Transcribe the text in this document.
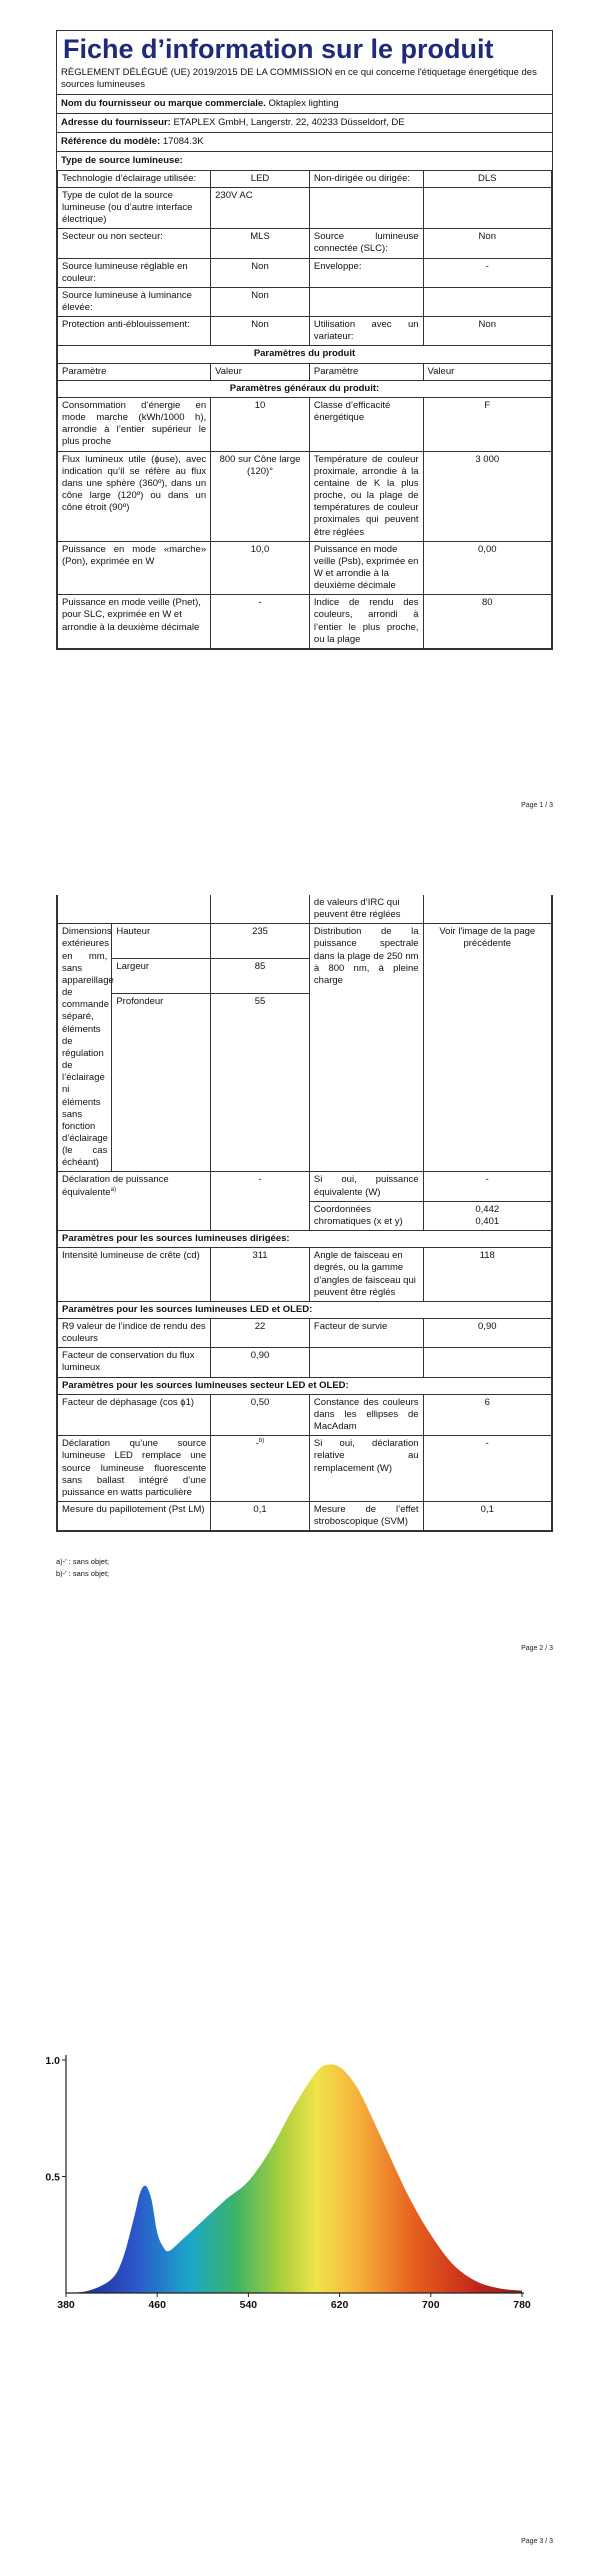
Fiche d’information sur le produit
RÈGLEMENT DÉLÉGUÉ (UE) 2019/2015 DE LA COMMISSION en ce qui concerne l'étiquetage énergétique des sources lumineuses
Nom du fournisseur ou marque commerciale. Oktaplex lighting
Adresse du fournisseur: ETAPLEX GmbH, Langerstr. 22, 40233 Düsseldorf, DE
Référence du modèle: 17084.3K
Type de source lumineuse:
Technologie d’éclairage utilisée:	LED	Non-dirigée ou dirigée:	DLS
Type de culot de la source lumineuse (ou d’autre interface électrique)	230V AC		
Secteur ou non secteur:	MLS	Source lumineuse connectée (SLC):	Non
Source lumineuse réglable en couleur:	Non	Enveloppe:	-
Source lumineuse à luminance élevée:	Non		
Protection anti-éblouissement:	Non	Utilisation avec un variateur:	Non
Paramètres du produit			
Paramètre	Valeur	Paramètre	Valeur
Paramètres généraux du produit:			
Consommation d’énergie en mode marche (kWh/1000 h), arrondie à l’entier supérieur le plus proche	10	Classe d’efficacité énergétique	F
Flux lumineux utile (ϕuse), avec indication qu’il se réfère au flux dans une sphère (360º), dans un cône large (120º) ou dans un cône étroit (90º)	800 sur Cône large (120)°	Température de couleur proximale, arrondie à la centaine de K la plus proche, ou la plage de températures de couleur proximales qui peuvent être réglées	3 000
Puissance en mode «marche» (Pon), exprimée en W	10,0	Puissance en mode veille (Psb), exprimée en W et arrondie à la deuxième décimale	0,00
Puissance en mode veille (Pnet), pour SLC, exprimée en W et arrondie à la deuxième décimale	-	Indice de rendu des couleurs, arrondi à l’entier le plus proche, ou la plage	80
Page 1 / 3
			de valeurs d’IRC qui peuvent être réglées	
Dimensions extérieures en mm, sans appareillage de commande séparé, éléments de régulation de l’éclairage ni éléments sans fonction d’éclairage (le cas échéant)	Hauteur	235	Distribution de la puissance spectrale dans la plage de 250 nm à 800 nm, à pleine charge	Voir l'image de la page précédente
	Largeur	85		
	Profondeur	55		
Déclaration de puissance équivalente$^{a)}$		-	Si oui, puissance équivalente (W)	-
			Coordonnées chromatiques (x et y)	0,442
0,401

Paramètres pour les sources lumineuses dirigées:				
Intensité lumineuse de crête (cd)		311	Angle de faisceau en degrés, ou la gamme d’angles de faisceau qui peuvent être réglés	118
Paramètres pour les sources lumineuses LED et OLED:				
R9 valeur de l’indice de rendu des couleurs		22	Facteur de survie	0,90
Facteur de conservation du flux lumineux		0,90		
Paramètres pour les sources lumineuses secteur LED et OLED:				
Facteur de déphasage (cos ϕ1)		0,50	Constance des couleurs dans les ellipses de MacAdam	6
Déclaration qu’une source lumineuse LED remplace une source lumineuse fluorescente sans ballast intégré d’une puissance en watts particulière		-$^{b)}$	Si oui, déclaration relative au remplacement (W)	-
Mesure du papillotement (Pst LM)		0,1	Mesure de l’effet stroboscopique (SVM)	0,1
a)-' : sans objet;
b)-' : sans objet;
Page 2 / 3
380	460	540	620	700	780
0.5
1.0
Page 3 / 3
